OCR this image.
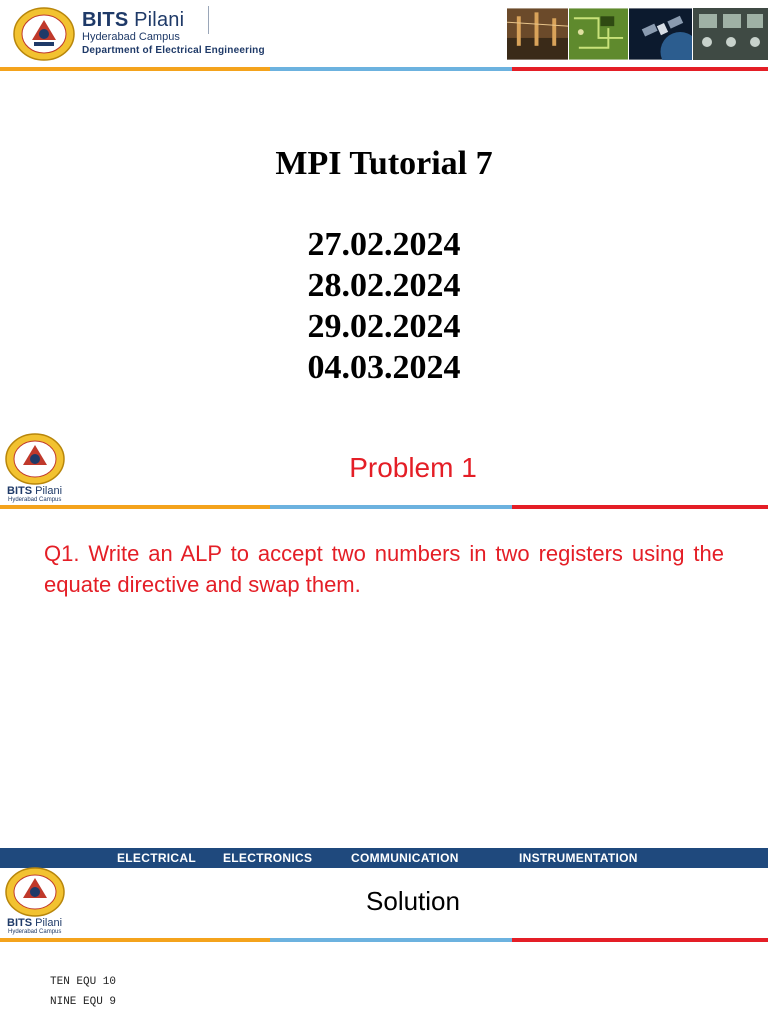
BITS Pilani
Hyderabad Campus
Department of Electrical Engineering
MPI Tutorial 7
27.02.2024
28.02.2024
29.02.2024
04.03.2024
BITS Pilani
Hyderabad Campus
Problem 1
Q1. Write an ALP to accept two numbers in two registers using the equate directive and swap them.
ELECTRICAL ELECTRONICS	COMMUNICATION	INSTRUMENTATION
BITS Pilani
Hyderabad Campus
Solution
TEN EQU 10
NINE EQU 9
